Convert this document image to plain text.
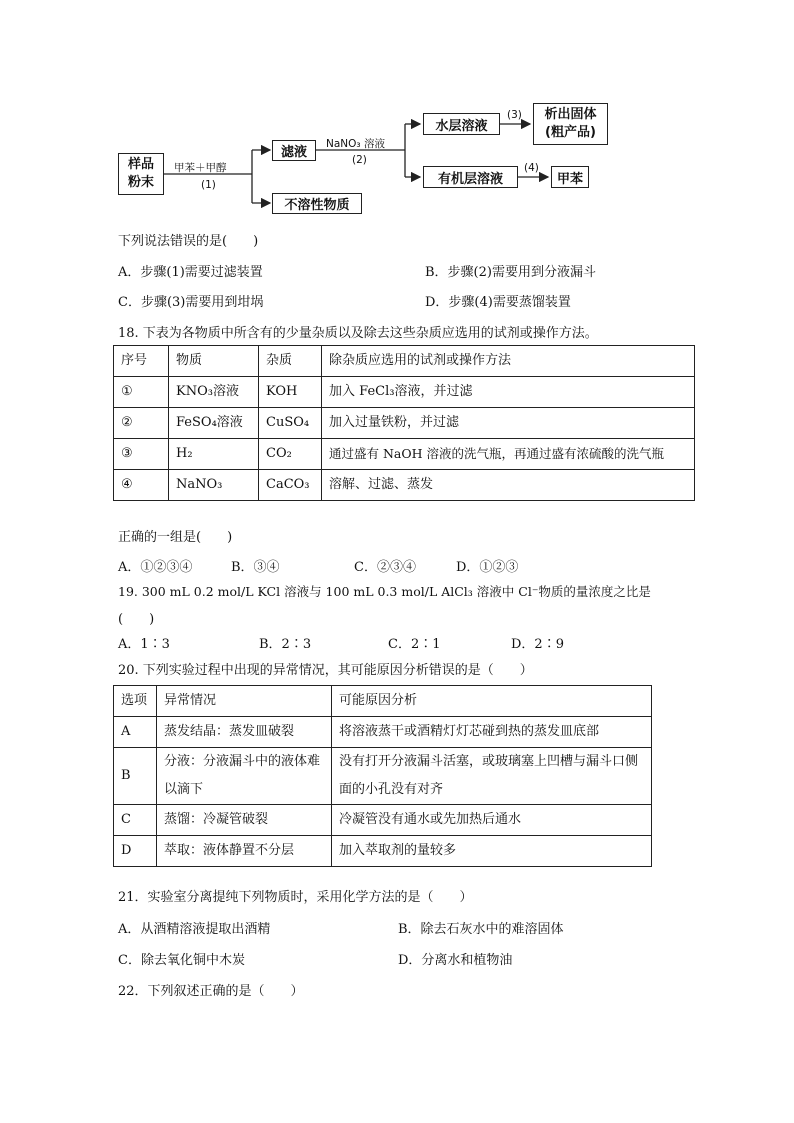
样品
粉末
甲苯＋甲醇
(1)
滤液
不溶性物质
NaNO₃ 溶液
(2)
水层溶液
有机层溶液
(3)
(4)
析出固体
(粗产品)
甲苯
下列说法错误的是(　　)
A．步骤(1)需要过滤装置	B．步骤(2)需要用到分液漏斗
C．步骤(3)需要用到坩埚	D．步骤(4)需要蒸馏装置
18. 下表为各物质中所含有的少量杂质以及除去这些杂质应选用的试剂或操作方法。
序号	物质	杂质	除杂质应选用的试剂或操作方法
①	KNO₃溶液	KOH	加入 FeCl₃溶液，并过滤
②	FeSO₄溶液	CuSO₄	加入过量铁粉，并过滤
③	H₂	CO₂	通过盛有 NaOH 溶液的洗气瓶，再通过盛有浓硫酸的洗气瓶
④	NaNO₃	CaCO₃	溶解、过滤、蒸发
正确的一组是(　　)
A．①②③④	B．③④	C．②③④	D．①②③
19. 300 mL 0.2 mol/L KCl 溶液与 100 mL 0.3 mol/L AlCl₃ 溶液中 Cl⁻物质的量浓度之比是
(　　)
A．1∶3	B．2∶3	C．2∶1	D．2∶9
20. 下列实验过程中出现的异常情况，其可能原因分析错误的是（　　）
选项	异常情况	可能原因分析
A	蒸发结晶：蒸发皿破裂	将溶液蒸干或酒精灯灯芯碰到热的蒸发皿底部
B	分液：分液漏斗中的液体难以滴下	没有打开分液漏斗活塞，或玻璃塞上凹槽与漏斗口侧面的小孔没有对齐
C	蒸馏：冷凝管破裂	冷凝管没有通水或先加热后通水
D	萃取：液体静置不分层	加入萃取剂的量较多
21．实验室分离提纯下列物质时，采用化学方法的是（　　）
A．从酒精溶液提取出酒精	B．除去石灰水中的难溶固体
C．除去氧化铜中木炭	D．分离水和植物油
22．下列叙述正确的是（　　）
